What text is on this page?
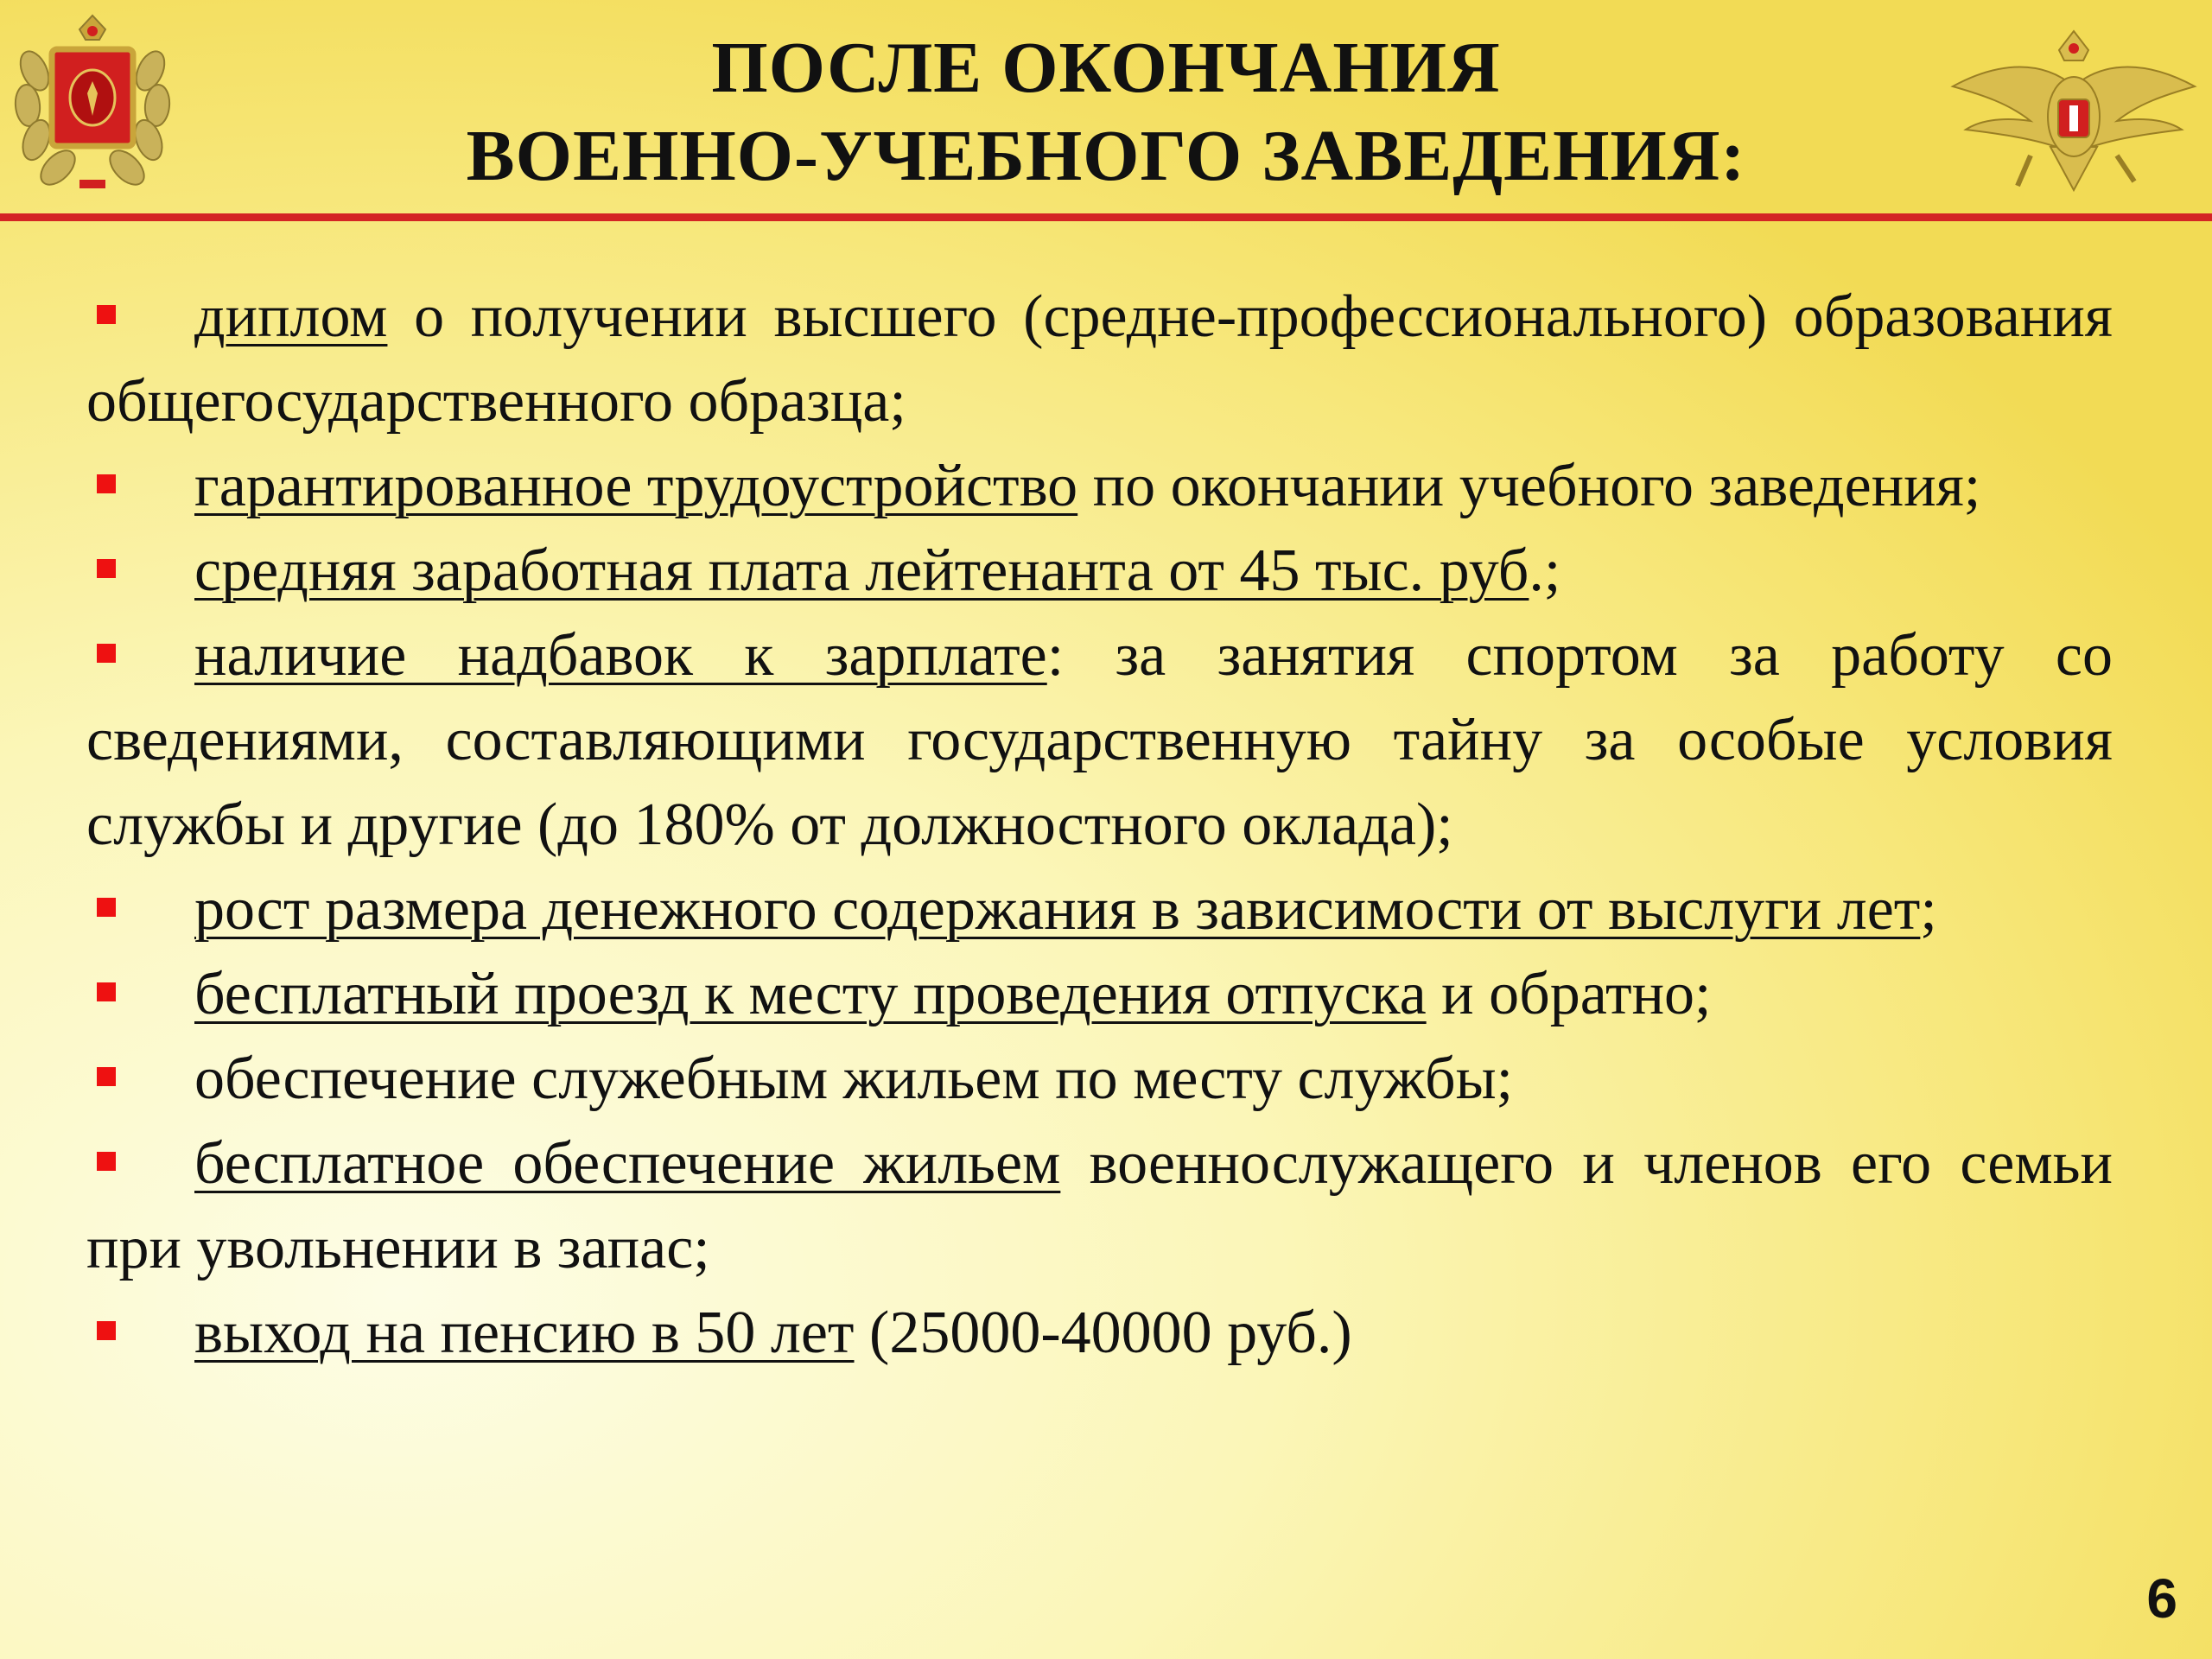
ПОСЛЕ ОКОНЧАНИЯ
ВОЕННО-УЧЕБНОГО ЗАВЕДЕНИЯ:

диплом о получении высшего (средне-профессионального) образования общегосударственного образца;

гарантированное трудоустройство по окончании учебного заведения;

средняя заработная плата лейтенанта от 45 тыс. руб.;

наличие надбавок к зарплате: за занятия спортом за работу со сведениями, составляющими государственную тайну за особые условия службы и другие (до 180% от должностного оклада);

рост размера денежного содержания в зависимости от выслуги лет;

бесплатный проезд к месту проведения отпуска и обратно;

обеспечение служебным жильем по месту службы;

бесплатное обеспечение жильем военнослужащего и членов его семьи при увольнении в запас;

выход на пенсию в 50 лет (25000-40000 руб.)

6
